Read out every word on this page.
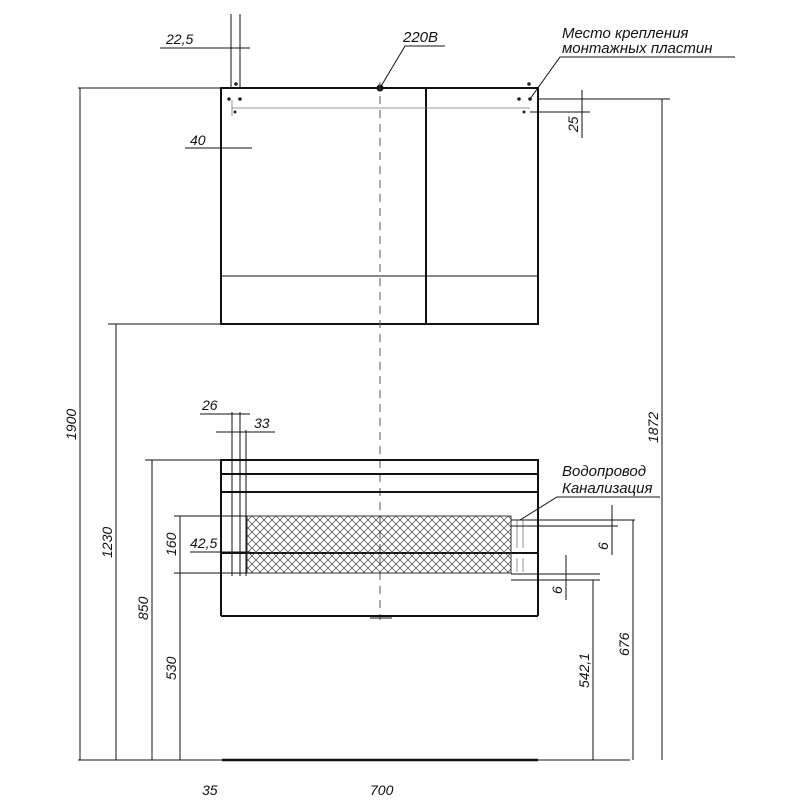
220В	Место крепления
монтажных пластин
Водопровод
Канализация
22,5
40
25
1900
1230
1872
850
530
26
33
42,5
160	6
6
542,1
676
35	700
